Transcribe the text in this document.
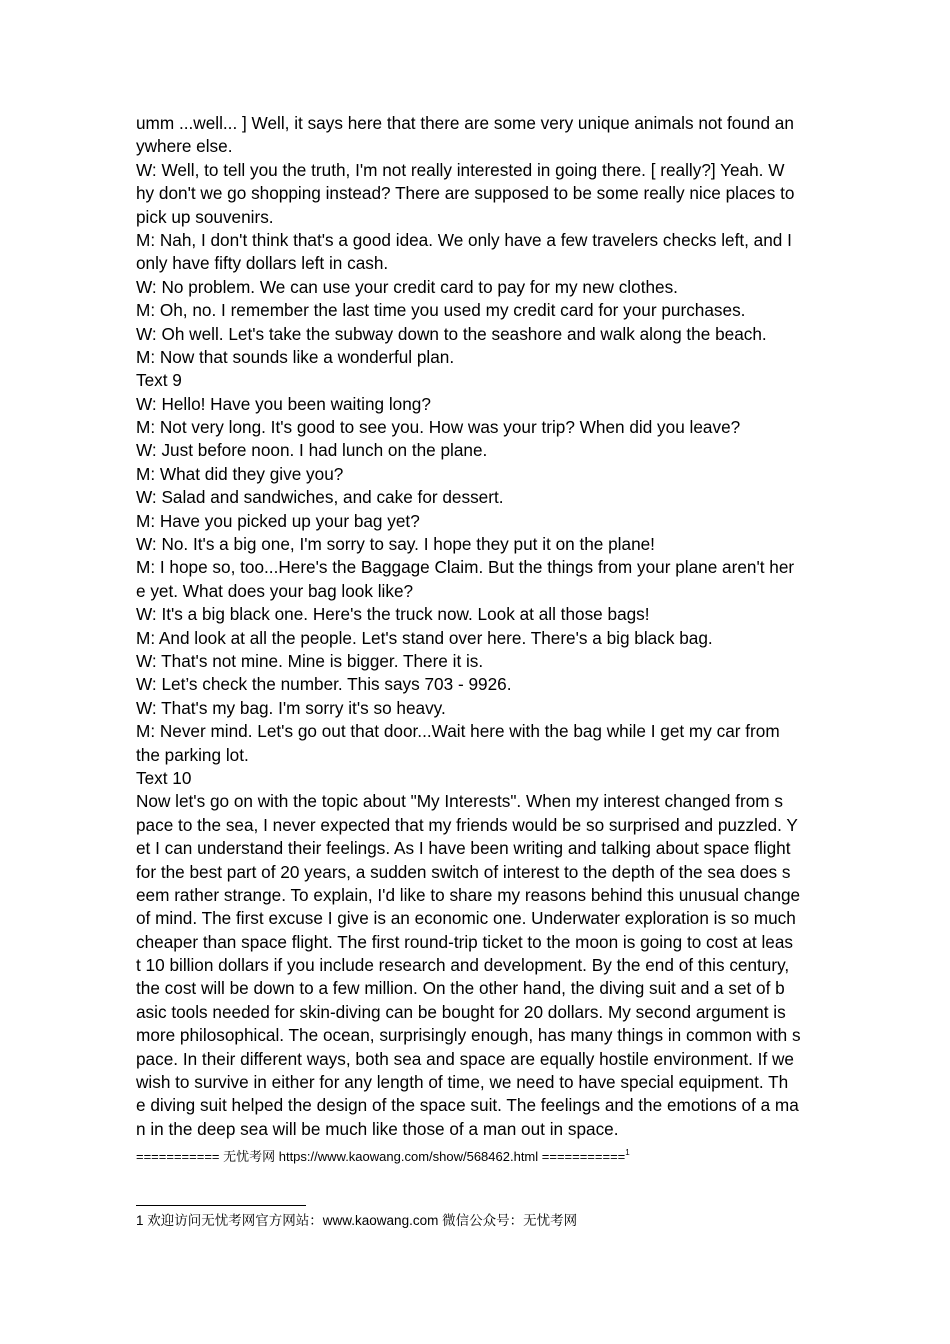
umm ...well... ] Well, it says here that there are some very unique animals not found an
ywhere else.
W: Well, to tell you the truth, I'm not really interested in going there. [ really?] Yeah. W
hy don't we go shopping instead? There are supposed to be some really nice places to
pick up souvenirs.
M: Nah, I don't think that's a good idea. We only have a few travelers checks left, and I
only have fifty dollars left in cash.
W: No problem. We can use your credit card to pay for my new clothes.
M: Oh, no. I remember the last time you used my credit card for your purchases.
W: Oh well. Let's take the subway down to the seashore and walk along the beach.
M: Now that sounds like a wonderful plan.
Text 9
W: Hello! Have you been waiting long?
M: Not very long. It's good to see you. How was your trip? When did you leave?
W: Just before noon. I had lunch on the plane.
M: What did they give you?
W: Salad and sandwiches, and cake for dessert.
M: Have you picked up your bag yet?
W: No. It's a big one, I'm sorry to say. I hope they put it on the plane!
M: I hope so, too...Here's the Baggage Claim. But the things from your plane aren't her
e yet. What does your bag look like?
W: It's a big black one. Here's the truck now. Look at all those bags!
M: And look at all the people. Let's stand over here. There's a big black bag.
W: That's not mine. Mine is bigger. There it is.
W: Let’s check the number. This says 703 - 9926.
W: That's my bag. I'm sorry it's so heavy.
M: Never mind. Let's go out that door...Wait here with the bag while I get my car from
the parking lot.
Text 10
Now let's go on with the topic about "My Interests". When my interest changed from s
pace to the sea, I never expected that my friends would be so surprised and puzzled. Y
et I can understand their feelings. As I have been writing and talking about space flight
for the best part of 20 years, a sudden switch of interest to the depth of the sea does s
eem rather strange. To explain, I'd like to share my reasons behind this unusual change
of mind. The first excuse I give is an economic one. Underwater exploration is so much
cheaper than space flight. The first round-trip ticket to the moon is going to cost at leas
t 10 billion dollars if you include research and development. By the end of this century,
the cost will be down to a few million. On the other hand, the diving suit and a set of b
asic tools needed for skin-diving can be bought for 20 dollars. My second argument is
more philosophical. The ocean, surprisingly enough, has many things in common with s
pace. In their different ways, both sea and space are equally hostile environment. If we
wish to survive in either for any length of time, we need to have special equipment. Th
e diving suit helped the design of the space suit. The feelings and the emotions of a ma
n in the deep sea will be much like those of a man out in space.
=========== 无忧考网 https://www.kaowang.com/show/568462.html ===========$^1$
1 欢迎访问无忧考网官方网站：www.kaowang.com 微信公众号：无忧考网
